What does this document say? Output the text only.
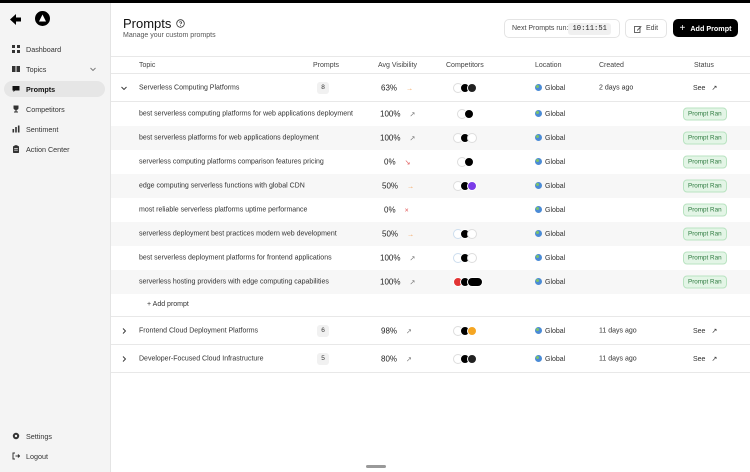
Dashboard
Topics
Prompts
Competitors
Sentiment
Action Center
Settings
Logout
Prompts
Manage your custom prompts
Next Prompts run: 10:11:51	Edit + Add Prompt
Topic	Prompts	Avg Visibility	Competitors	Location	Created	Status
Serverless Computing Platforms	8	63% →	Global	2 days ago	See ↗
best serverless computing platforms for web applications deployment	100% ↗	Global	Prompt Ran
best serverless platforms for web applications deployment	100% ↗	Global	Prompt Ran
serverless computing platforms comparison features pricing	0% ↘	Global	Prompt Ran
edge computing serverless functions with global CDN	50% →	Global	Prompt Ran
most reliable serverless platforms uptime performance	0% ×	Global	Prompt Ran
serverless deployment best practices modern web development	50% →	Global	Prompt Ran
best serverless deployment platforms for frontend applications	100% ↗	Global	Prompt Ran
serverless hosting providers with edge computing capabilities	100% ↗	Global	Prompt Ran
+ Add prompt
Frontend Cloud Deployment Platforms	6	98% ↗	Global	11 days ago	See ↗
Developer-Focused Cloud Infrastructure	5	80% ↗	Global	11 days ago	See ↗
